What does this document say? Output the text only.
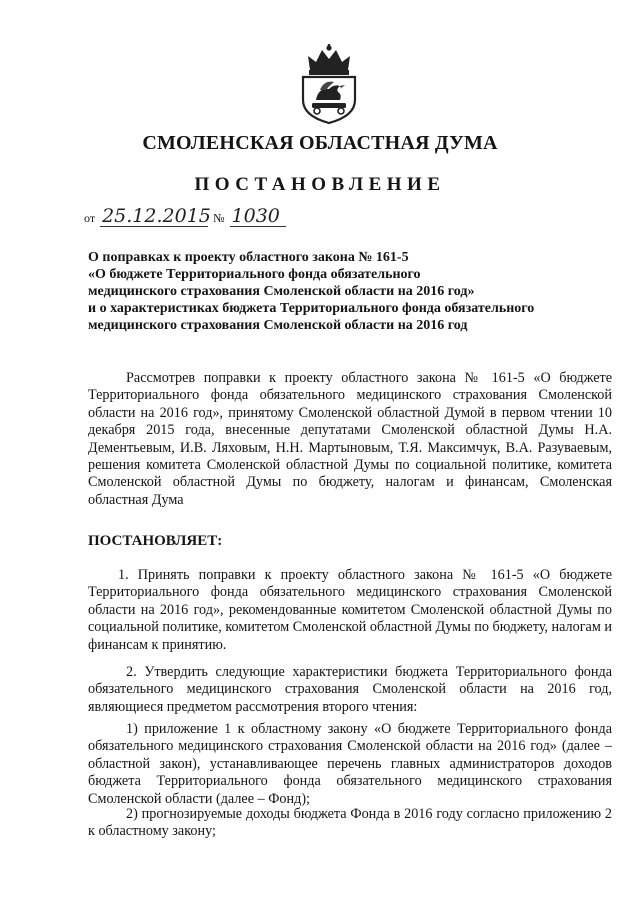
СМОЛЕНСКАЯ ОБЛАСТНАЯ ДУМА
ПОСТАНОВЛЕНИЕ
от 25.12.2015 № 1030
О поправках к проекту областного закона № 161-5
«О бюджете Территориального фонда обязательного
медицинского страхования Смоленской области на 2016 год»
и о характеристиках бюджета Территориального фонда обязательного
медицинского страхования Смоленской области на 2016 год
Рассмотрев поправки к проекту областного закона № 161-5 «О бюджете Территориального фонда обязательного медицинского страхования Смоленской области на 2016 год», принятому Смоленской областной Думой в первом чтении 10 декабря 2015 года, внесенные депутатами Смоленской областной Думы Н.А. Дементьевым, И.В. Ляховым, Н.Н. Мартыновым, Т.Я. Максимчук, В.А. Разуваевым, решения комитета Смоленской областной Думы по социальной политике, комитета Смоленской областной Думы по бюджету, налогам и финансам, Смоленская областная Дума
ПОСТАНОВЛЯЕТ:
1. Принять поправки к проекту областного закона № 161-5 «О бюджете Территориального фонда обязательного медицинского страхования Смоленской области на 2016 год», рекомендованные комитетом Смоленской областной Думы по социальной политике, комитетом Смоленской областной Думы по бюджету, налогам и финансам к принятию.
2. Утвердить следующие характеристики бюджета Территориального фонда обязательного медицинского страхования Смоленской области на 2016 год, являющиеся предметом рассмотрения второго чтения:
1) приложение 1 к областному закону «О бюджете Территориального фонда обязательного медицинского страхования Смоленской области на 2016 год» (далее – областной закон), устанавливающее перечень главных администраторов доходов бюджета Территориального фонда обязательного медицинского страхования Смоленской области (далее – Фонд);
2) прогнозируемые доходы бюджета Фонда в 2016 году согласно приложению 2 к областному закону;
